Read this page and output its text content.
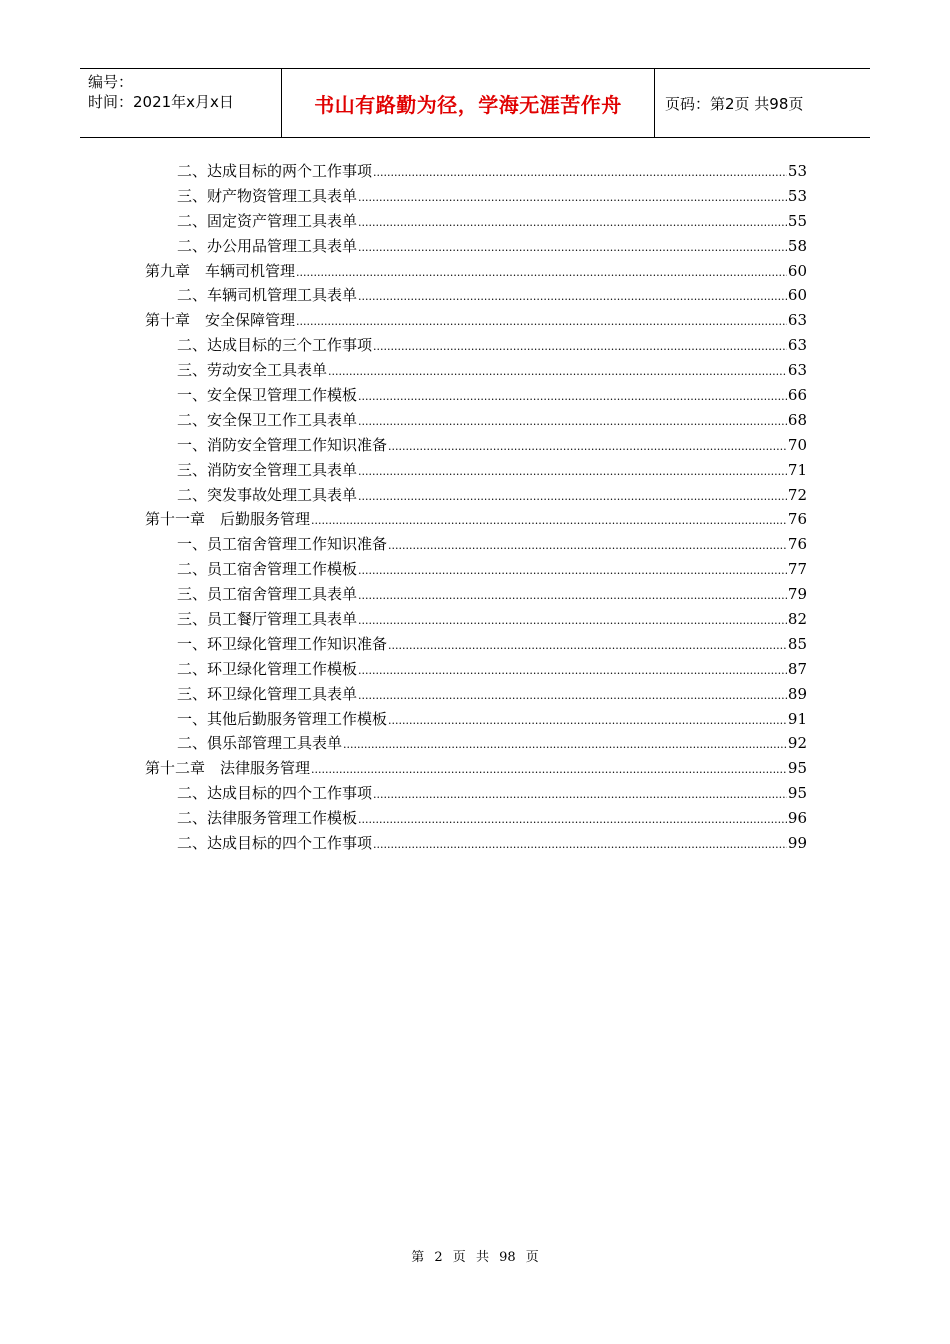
编号：
时间：2021年x月x日	书山有路勤为径，学海无涯苦作舟	页码：第2页 共98页
二、达成目标的两个工作事项 .....	53
三、财产物资管理工具表单 .....	53
二、固定资产管理工具表单 .....	55
二、办公用品管理工具表单 .....	58
第九章　车辆司机管理 .....	60
二、车辆司机管理工具表单 .....	60
第十章　安全保障管理 .....	63
二、达成目标的三个工作事项 .....	63
三、劳动安全工具表单 .....	63
一、安全保卫管理工作模板 .....	66
二、安全保卫工作工具表单 .....	68
一、消防安全管理工作知识准备 .....	70
三、消防安全管理工具表单 .....	71
二、突发事故处理工具表单 .....	72
第十一章　后勤服务管理 .....	76
一、员工宿舍管理工作知识准备 .....	76
二、员工宿舍管理工作模板 .....	77
三、员工宿舍管理工具表单 .....	79
三、员工餐厅管理工具表单 .....	82
一、环卫绿化管理工作知识准备 .....	85
二、环卫绿化管理工作模板 .....	87
三、环卫绿化管理工具表单 .....	89
一、其他后勤服务管理工作模板 .....	91
二、俱乐部管理工具表单 .....	92
第十二章　法律服务管理 .....	95
二、达成目标的四个工作事项 .....	95
二、法律服务管理工作模板 .....	96
二、达成目标的四个工作事项 .....	99
第 2 页 共 98 页
